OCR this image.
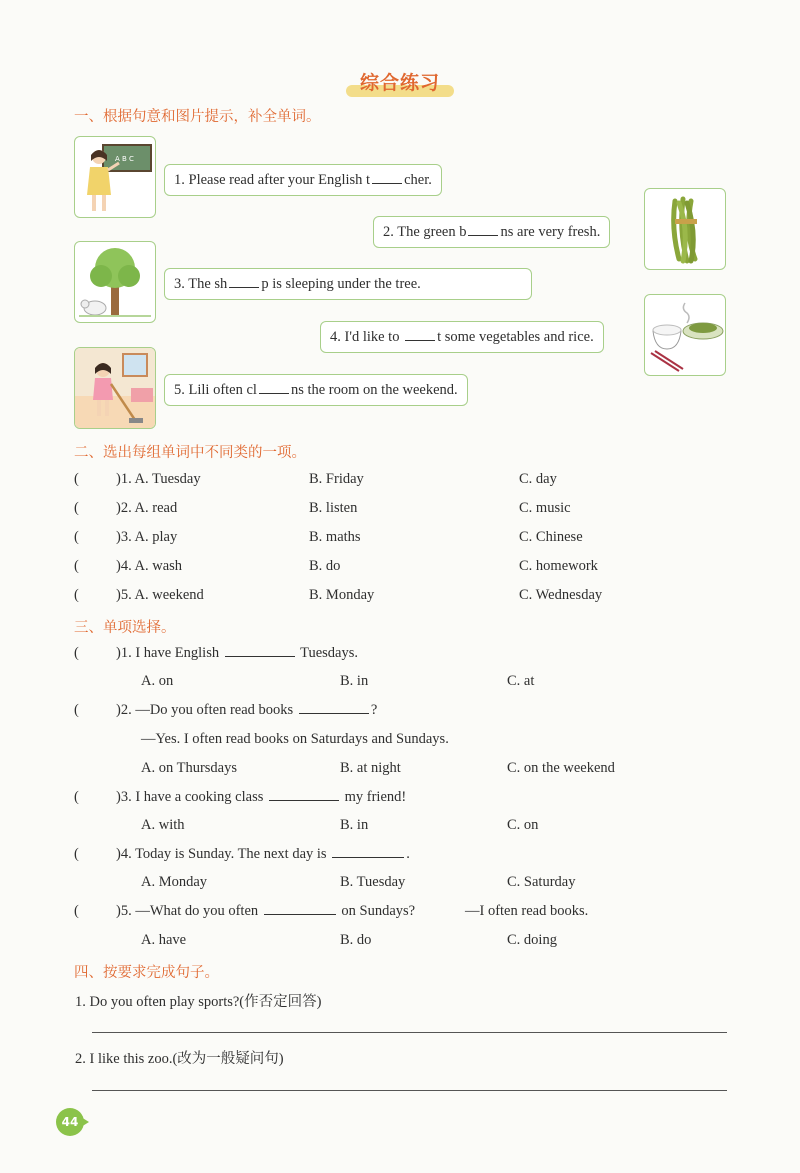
综合练习
一、根据句意和图片提示，补全单词。
A B C
1. Please read after your English t cher.
2. The green b ns are very fresh.
3. The sh p is sleeping under the tree.
4. I'd like to t some vegetables and rice.
5. Lili often cl ns the room on the weekend.
二、选出每组单词中不同类的一项。
(	)1. A. Tuesday	B. Friday	C. day
(	)2. A. read	B. listen	C. music
(	)3. A. play	B. maths	C. Chinese
(	)4. A. wash	B. do	C. homework
(	)5. A. weekend	B. Monday	C. Wednesday
三、单项选择。
(	)1. I have English	Tuesdays.
A. on	B. in	C. at
(	)2. —Do you often read books	?
—Yes. I often read books on Saturdays and Sundays.
A. on Thursdays	B. at night	C. on the weekend
(	)3. I have a cooking class	my friend!
A. with	B. in	C. on
(	)4. Today is Sunday. The next day is	.
A. Monday	B. Tuesday	C. Saturday
(	)5. —What do you often	on Sundays?	—I often read books.
A. have	B. do	C. doing
四、按要求完成句子。
1. Do you often play sports?(作否定回答)
2. I like this zoo.(改为一般疑问句)
44
